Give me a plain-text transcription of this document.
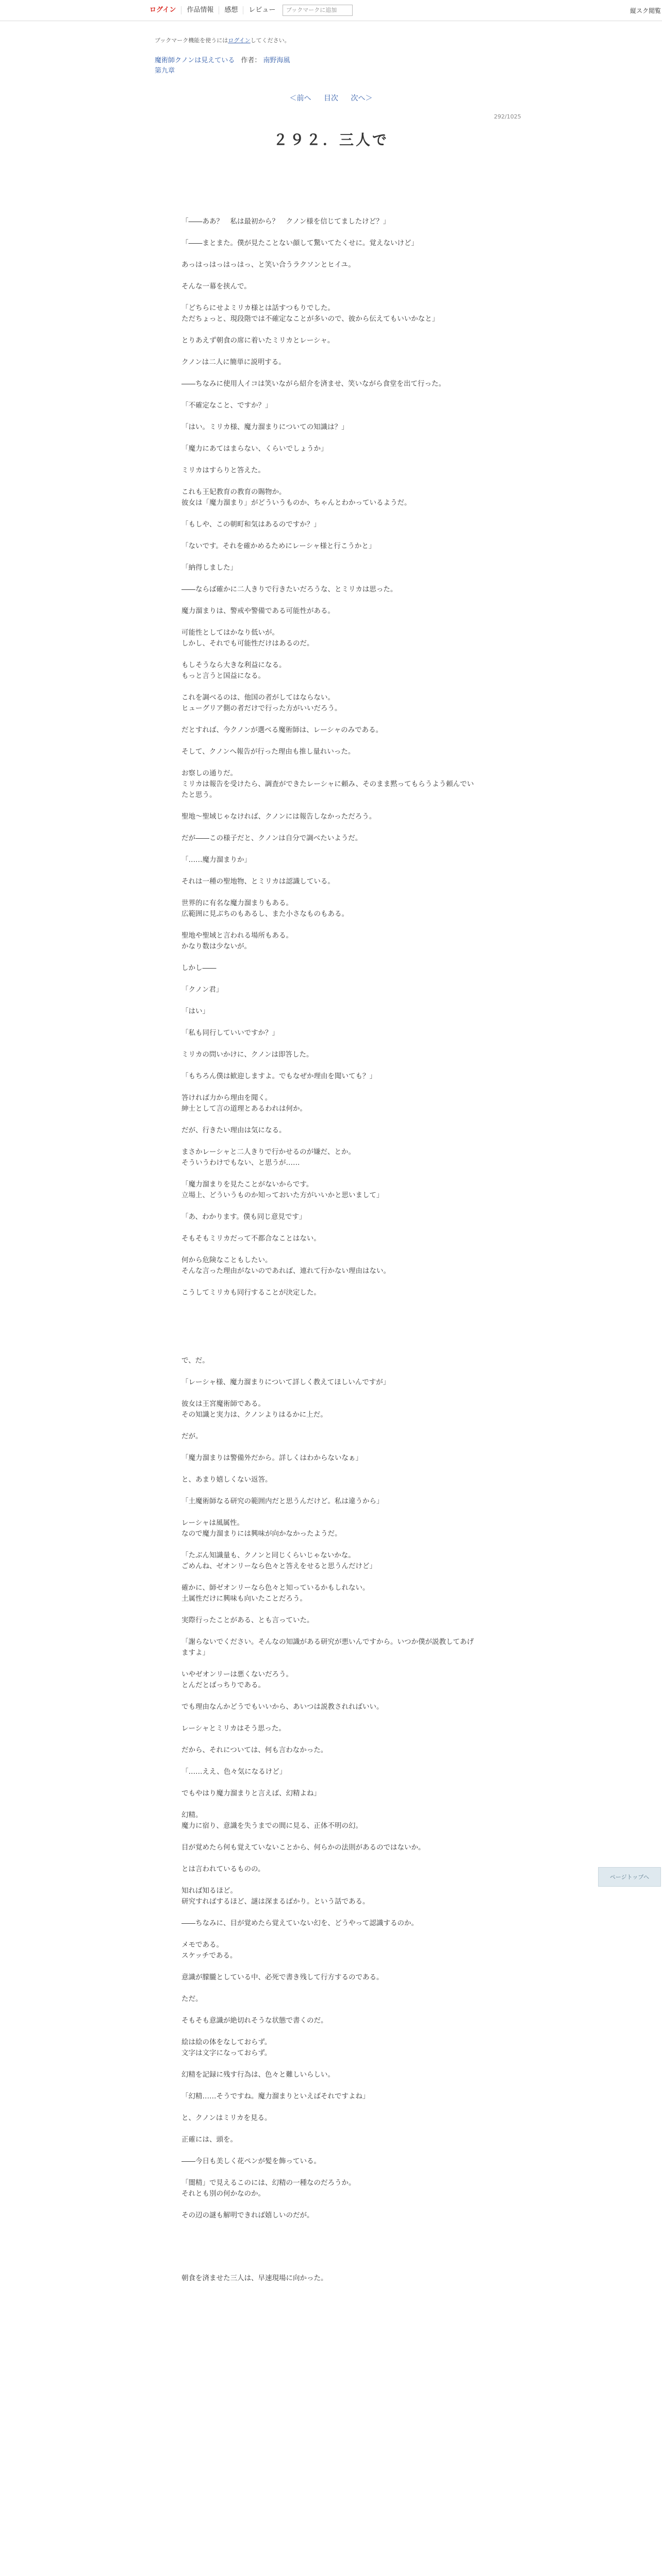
ログイン	作品情報	感想	レビュー	ブックマークに追加	縦スク閲覧
ブックマーク機能を使うにはログインしてください。
魔術師クノンは見えている 作者： 南野海風
第九章
＜前へ 目次 次へ＞
292/1025
２９２．三人で

「――ああ？　私は最初から？　クノン様を信じてましたけど？」

「――まとまた。僕が見たことない顔して驚いてたくせに。覚えないけど」

あっはっはっはっはっ、と笑い合うラクソンとヒイユ。

そんな一幕を挟んで。

「どちらにせよミリカ様とは話すつもりでした。
ただちょっと、現段階では不確定なことが多いので、彼から伝えてもいいかなと」

とりあえず朝食の席に着いたミリカとレーシャ。

クノンは二人に簡単に説明する。

――ちなみに使用人イコは笑いながら紹介を済ませ、笑いながら食堂を出て行った。

「不確定なこと、ですか？」

「はい。ミリカ様、魔力溜まりについての知識は？」

「魔力にあてはまらない、くらいでしょうか」

ミリカはすらりと答えた。

これも王妃教育の教育の賜物か。
彼女は「魔力溜まり」がどういうものか、ちゃんとわかっているようだ。

「もしや、この朝町和気はあるのですか？」

「ないです。それを確かめるためにレーシャ様と行こうかと」

「納得しました」

――ならば確かに二人きりで行きたいだろうな、とミリカは思った。

魔力溜まりは、警戒や警備である可能性がある。

可能性としてはかなり低いが。
しかし、それでも可能性だけはあるのだ。

もしそうなら大きな利益になる。
もっと言うと国益になる。

これを調べるのは、他国の者がしてはならない。
ヒューグリア側の者だけで行った方がいいだろう。

だとすれば、今クノンが選べる魔術師は、レーシャのみである。

そして、クノンへ報告が行った理由も推し量れいった。

お察しの通りだ。
ミリカは報告を受けたら、調査ができたレーシャに頼み、そのまま黙ってもらうよう頼んでいたと思う。

聖地～聖域じゃなければ、クノンには報告しなかっただろう。

だが――この様子だと、クノンは自分で調べたいようだ。

「……魔力溜まりか」

それは一種の聖地物、とミリカは認識している。

世界的に有名な魔力溜まりもある。
広範囲に見ぶちのもあるし、また小さなものもある。

聖地や聖域と言われる場所もある。
かなり数は少ないが。

しかし――

「クノン君」

「はい」

「私も同行していいですか？」

ミリカの問いかけに、クノンは即答した。

「もちろん僕は歓迎しますよ。でもなぜか理由を聞いても？」

答ければ力から理由を聞く。
紳士として言の道理とあるわれは何か。

だが、行きたい理由は気になる。

まさかレーシャと二人きりで行かせるのが嫌だ、とか。
そういうわけでもない、と思うが……

「魔力溜まりを見たことがないからです。
立場上、どういうものか知っておいた方がいいかと思いまして」

「あ、わかります。僕も同じ意見です」

そもそもミリカだって不都合なことはない。

何から危険なこともしたい。
そんな言った理由がないのであれば、連れて行かない理由はない。

こうしてミリカも同行することが決定した。

で、だ。

「レーシャ様、魔力溜まりについて詳しく教えてほしいんですが」

彼女は王宮魔術師である。
その知識と実力は、クノンよりはるかに上だ。

だが。

「魔力溜まりは警備外だから。詳しくはわからないなぁ」

と、あまり嬉しくない返答。

「土魔術師なる研究の範囲内だと思うんだけど。私は違うから」

レーシャは風属性。
なので魔力溜まりには興味が向かなかったようだ。

「たぶん知識量も、クノンと同じくらいじゃないかな。
ごめんね、ゼオンリーなら色々と答えをせると思うんだけど」

確かに、師ゼオンリーなら色々と知っているかもしれない。
土属性だけに興味も向いたことだろう。

実際行ったことがある、とも言っていた。

「謝らないでください。そんなの知識がある研究が悪いんですから。いつか僕が説教してあげますよ」

いやゼオンリーは悪くないだろう。
とんだとばっちりである。

でも理由なんかどうでもいいから、あいつは説教されればいい。

レーシャとミリカはそう思った。

だから、それについては、何も言わなかった。

「……ええ、色々気になるけど」

でもやはり魔力溜まりと言えば、幻精よね」

幻精。
魔力に宿り、意識を失うまでの間に見る、正体不明の幻。

目が覚めたら何も覚えていないことから、何らかの法則があるのではないか。

とは言われているものの。

知れば知るほど。
研究すればするほど、謎は深まるばかり。という話である。

――ちなみに、目が覚めたら覚えていない幻を、どうやって認識するのか。

メモである。
スケッチである。

意識が朦朧としている中、必死で書き残して行方するのである。

ただ。

そもそも意識が絶切れそうな状態で書くのだ。

絵は絵の体をなしておらず。
文字は文字になっておらず。

幻精を記録に残す行為は、色々と難しいらしい。

「幻精……そうですね。魔力溜まりといえばそれですよね」

と、クノンはミリカを見る。

正確には、頭を。

――今日も美しく花ペンが髪を飾っている。

「闇精」で見えるこのには、幻精の一種なのだろうか。
それとも別の何かなのか。

その辺の謎も解明できれば嬉しいのだが。

朝食を済ませた三人は、早速現場に向かった。

ページトップへ
